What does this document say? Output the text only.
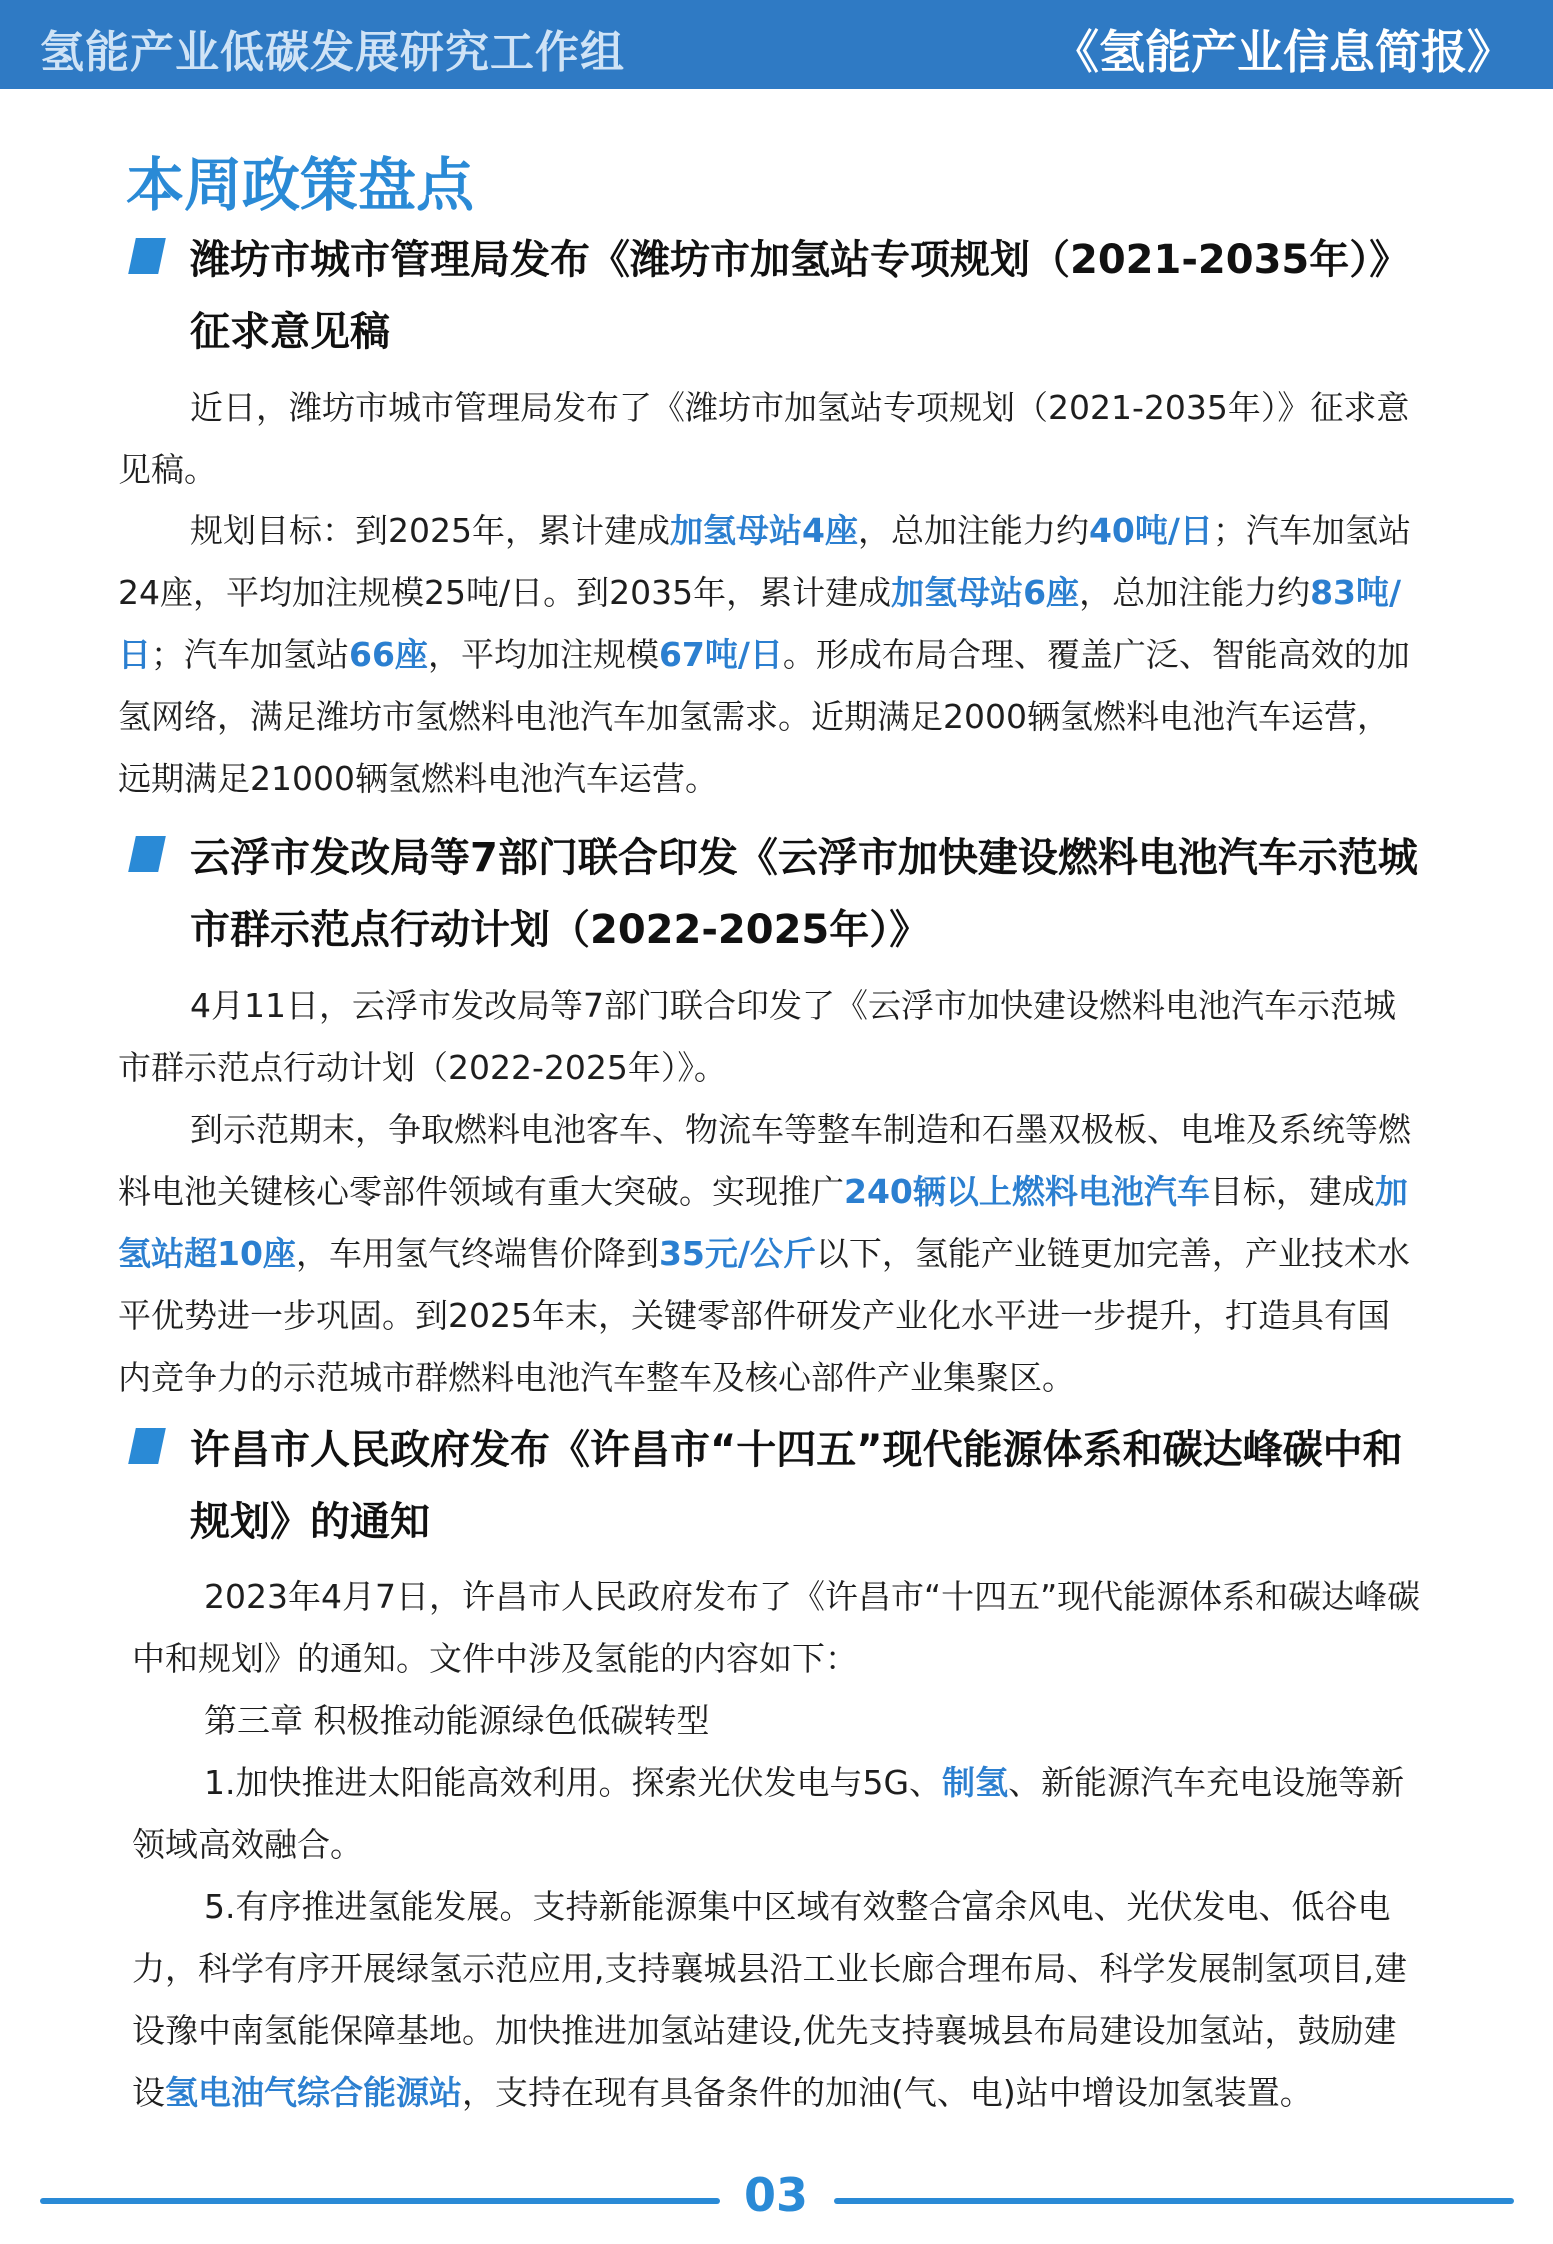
氢能产业低碳发展研究工作组	《氢能产业信息简报》
本周政策盘点
潍坊市城市管理局发布《潍坊市加氢站专项规划（2021-2035年）》征求意见稿

近日，潍坊市城市管理局发布了《潍坊市加氢站专项规划（2021-2035年）》征求意见稿。

规划目标：到2025年，累计建成加氢母站4座，总加注能力约40吨/日；汽车加氢站24座，平均加注规模25吨/日。到2035年，累计建成加氢母站6座，总加注能力约83吨/日；汽车加氢站66座，平均加注规模67吨/日。形成布局合理、覆盖广泛、智能高效的加氢网络，满足潍坊市氢燃料电池汽车加氢需求。近期满足2000辆氢燃料电池汽车运营，远期满足21000辆氢燃料电池汽车运营。

云浮市发改局等7部门联合印发《云浮市加快建设燃料电池汽车示范城市群示范点行动计划（2022-2025年）》

4月11日，云浮市发改局等7部门联合印发了《云浮市加快建设燃料电池汽车示范城市群示范点行动计划（2022-2025年）》。

到示范期末，争取燃料电池客车、物流车等整车制造和石墨双极板、电堆及系统等燃料电池关键核心零部件领域有重大突破。实现推广240辆以上燃料电池汽车目标，建成加氢站超10座，车用氢气终端售价降到35元/公斤以下，氢能产业链更加完善，产业技术水平优势进一步巩固。到2025年末，关键零部件研发产业化水平进一步提升，打造具有国内竞争力的示范城市群燃料电池汽车整车及核心部件产业集聚区。

许昌市人民政府发布《许昌市“十四五”现代能源体系和碳达峰碳中和规划》的通知

2023年4月7日，许昌市人民政府发布了《许昌市“十四五”现代能源体系和碳达峰碳中和规划》的通知。文件中涉及氢能的内容如下：

第三章 积极推动能源绿色低碳转型

1.加快推进太阳能高效利用。探索光伏发电与5G、制氢、新能源汽车充电设施等新领域高效融合。

5.有序推进氢能发展。支持新能源集中区域有效整合富余风电、光伏发电、低谷电力，科学有序开展绿氢示范应用,支持襄城县沿工业长廊合理布局、科学发展制氢项目,建设豫中南氢能保障基地。加快推进加氢站建设,优先支持襄城县布局建设加氢站，鼓励建设氢电油气综合能源站，支持在现有具备条件的加油(气、电)站中增设加氢装置。

03
